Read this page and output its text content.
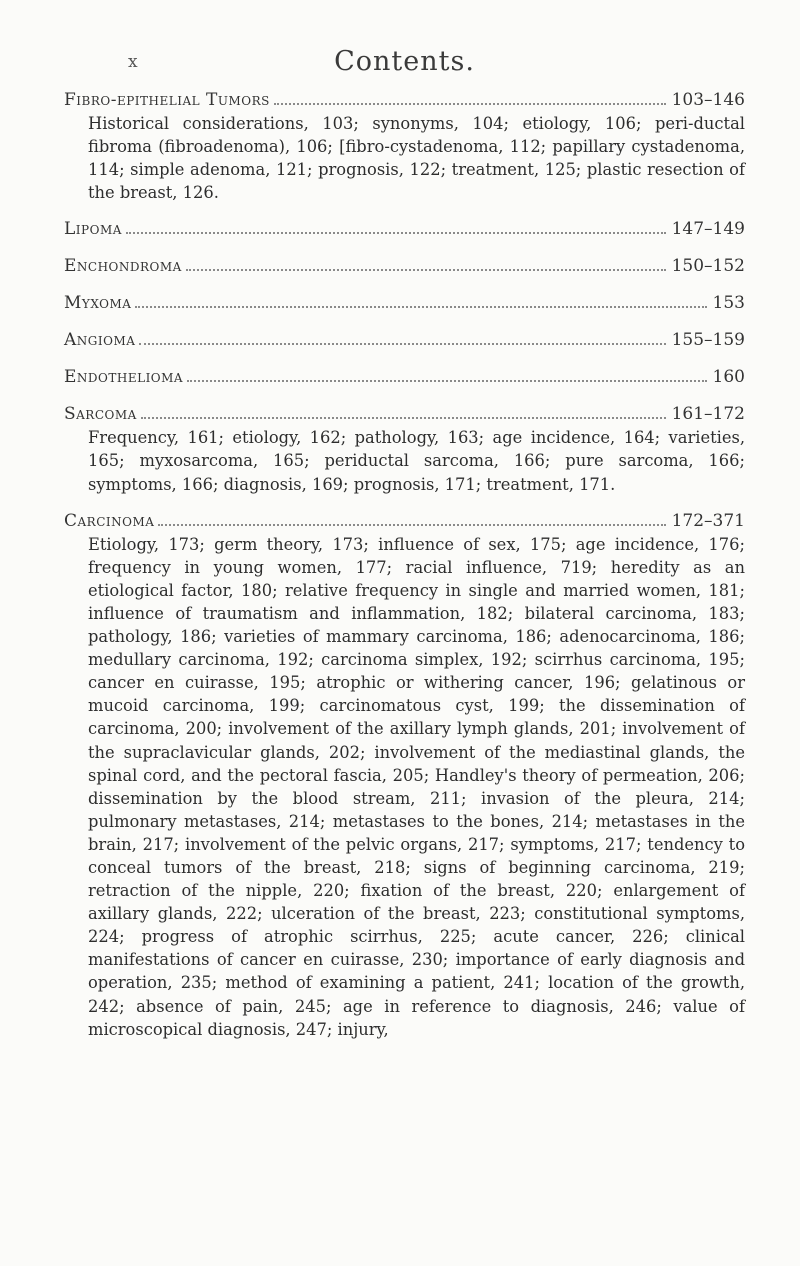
x	Contents.
Fibro-epithelial Tumors	103–146

Historical considerations, 103; synonyms, 104; etiology, 106; peri-ductal fibroma (fibroadenoma), 106; [fibro-cystadenoma, 112; papillary cystadenoma, 114; simple adenoma, 121; prognosis, 122; treatment, 125; plastic resection of the breast, 126.

Lipoma	147–149
Enchondroma	150–152
Myxoma	153
Angioma	155–159
Endothelioma	160
Sarcoma	161–172

Frequency, 161; etiology, 162; pathology, 163; age incidence, 164; varieties, 165; myxosarcoma, 165; periductal sarcoma, 166; pure sarcoma, 166; symptoms, 166; diagnosis, 169; prognosis, 171; treatment, 171.

Carcinoma	172–371

Etiology, 173; germ theory, 173; influence of sex, 175; age incidence, 176; frequency in young women, 177; racial influence, 719; heredity as an etiological factor, 180; relative frequency in single and married women, 181; influence of traumatism and inflammation, 182; bilateral carcinoma, 183; pathology, 186; varieties of mammary carcinoma, 186; adenocarcinoma, 186; medullary carcinoma, 192; carcinoma simplex, 192; scirrhus carcinoma, 195; cancer en cuirasse, 195; atrophic or withering cancer, 196; gelatinous or mucoid carcinoma, 199; carcinomatous cyst, 199; the dissemination of carcinoma, 200; involvement of the axillary lymph glands, 201; involvement of the supraclavicular glands, 202; involvement of the mediastinal glands, the spinal cord, and the pectoral fascia, 205; Handley's theory of permeation, 206; dissemination by the blood stream, 211; invasion of the pleura, 214; pulmonary metastases, 214; metastases to the bones, 214; metastases in the brain, 217; involvement of the pelvic organs, 217; symptoms, 217; tendency to conceal tumors of the breast, 218; signs of beginning carcinoma, 219; retraction of the nipple, 220; fixation of the breast, 220; enlargement of axillary glands, 222; ulceration of the breast, 223; constitutional symptoms, 224; progress of atrophic scirrhus, 225; acute cancer, 226; clinical manifestations of cancer en cuirasse, 230; importance of early diagnosis and operation, 235; method of examining a patient, 241; location of the growth, 242; absence of pain, 245; age in reference to diagnosis, 246; value of microscopical diagnosis, 247; injury,
